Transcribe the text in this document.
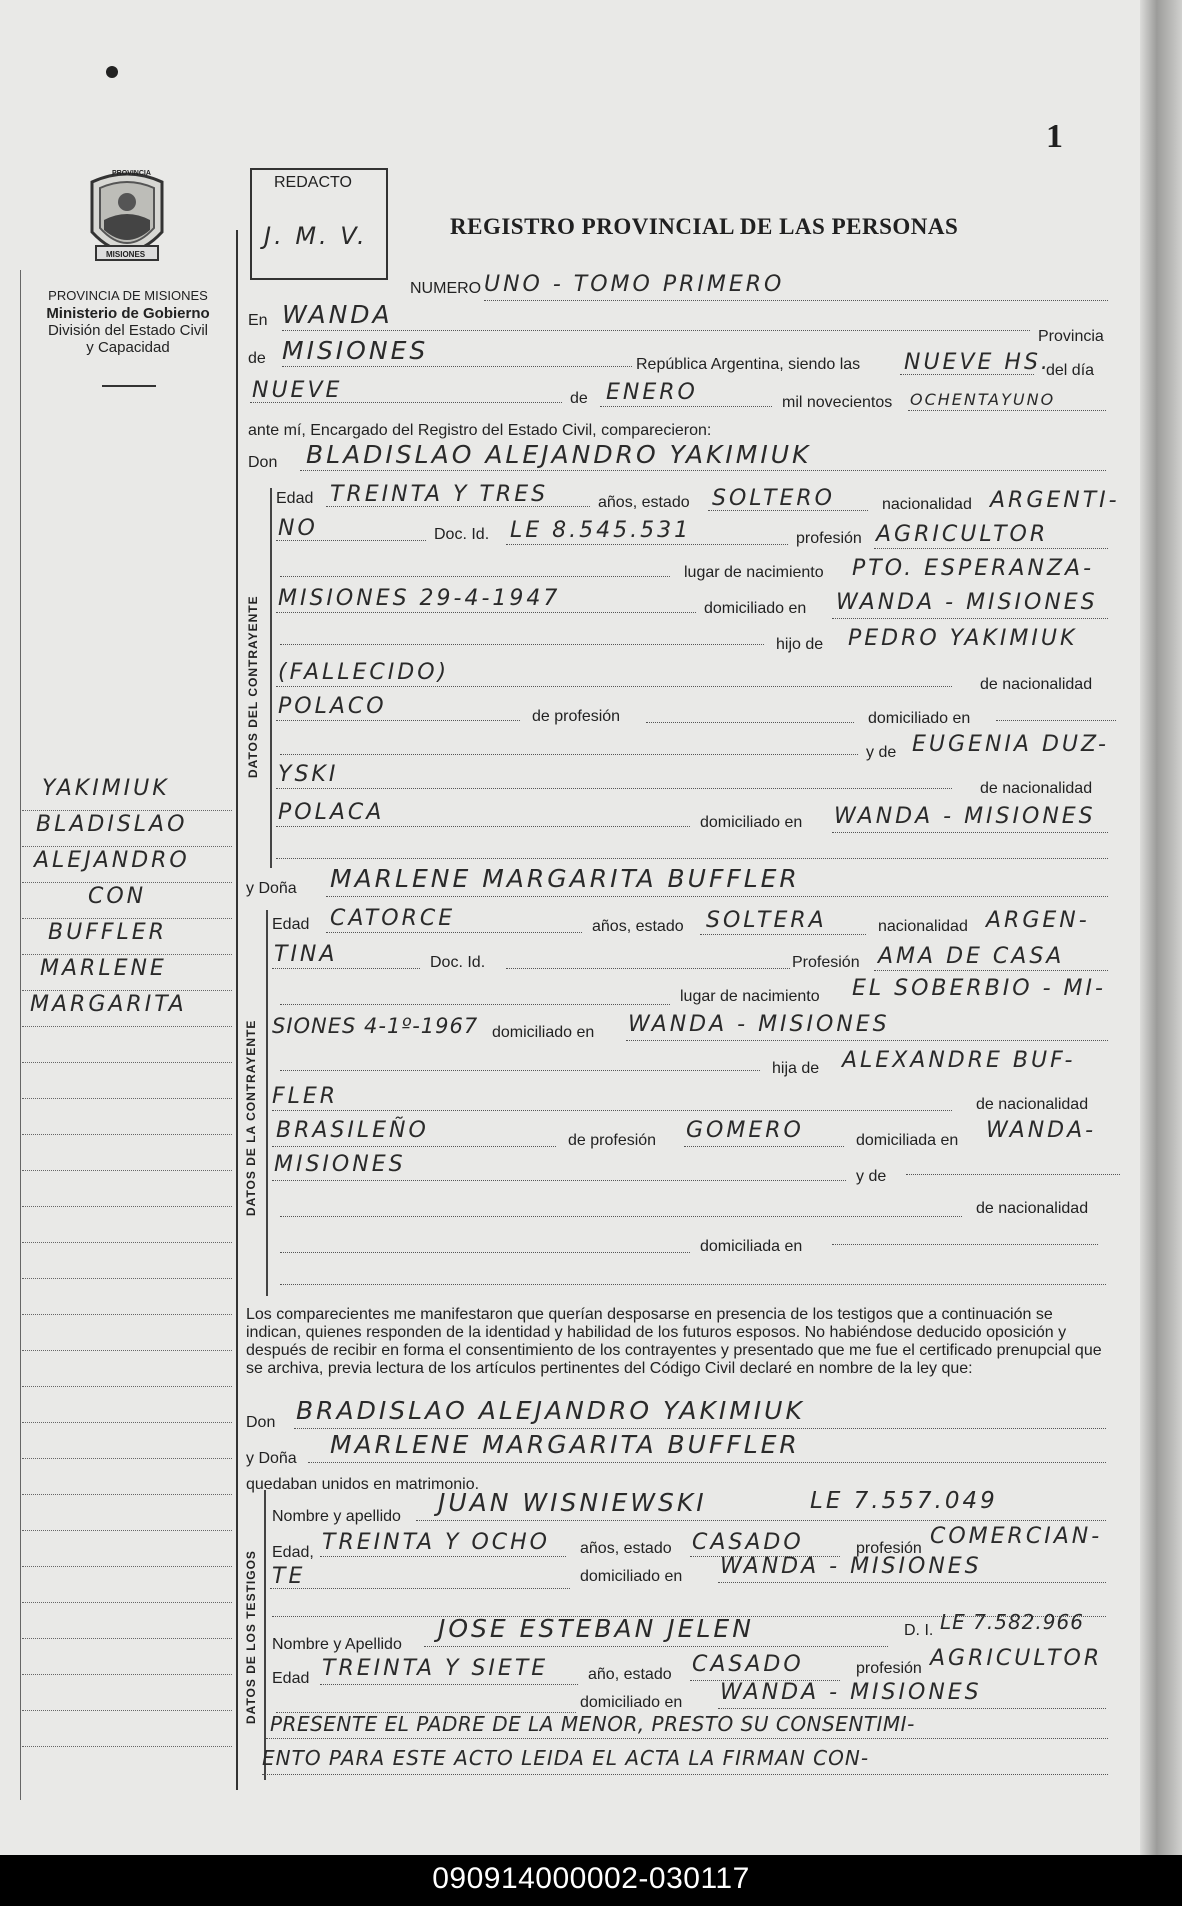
1
PROVINCIA
MISIONES
PROVINCIA DE MISIONES
Ministerio de Gobierno
División del Estado Civil
y Capacidad
YAKIMIUK
BLADISLAO
ALEJANDRO
CON
BUFFLER
MARLENE
MARGARITA
REDACTO
J. M. V.	REGISTRO PROVINCIAL DE LAS PERSONAS
NUMERO UNO - TOMO PRIMERO
En WANDA
Provincia
de MISIONES	República Argentina, siendo las NUEVE HS.
del día
NUEVE	de ENERO	mil novecientos OCHENTAYUNO
ante mí, Encargado del Registro del Estado Civil, comparecieron:
Don BLADISLAO ALEJANDRO YAKIMIUK
DATOS DEL CONTRAYENTE
Edad TREINTA Y TRES	años, estado SOLTERO	nacionalidad ARGENTI-
NO	Doc. Id. LE 8.545.531	profesión AGRICULTOR
lugar de nacimiento PTO. ESPERANZA-
MISIONES 29-4-1947	domiciliado en WANDA - MISIONES
hijo de PEDRO YAKIMIUK
(FALLECIDO)	de nacionalidad
POLACO	de profesión	domiciliado en
y de EUGENIA DUZ-
YSKI
de nacionalidad
POLACA	domiciliado en WANDA - MISIONES
y Doña MARLENE MARGARITA BUFFLER
DATOS DE LA CONTRAYENTE
Edad CATORCE	años, estado SOLTERA	nacionalidad ARGEN-
TINA	Doc. Id.	Profesión AMA DE CASA
lugar de nacimiento EL SOBERBIO - MI-
SIONES 4-1º-1967 domiciliado en WANDA - MISIONES
hija de ALEXANDRE BUF-
FLER	de nacionalidad
BRASILEÑO	de profesión GOMERO	domiciliada en WANDA-
MISIONES	y de
de nacionalidad
domiciliada en
Los comparecientes me manifestaron que querían desposarse en presencia de los testigos que a continuación se indican, quienes responden de la identidad y habilidad de los futuros esposos. No habiéndose deducido oposición y después de recibir en forma el consentimiento de los contrayentes y presentado que me fue el certificado prenupcial que se archiva, previa lectura de los artículos pertinentes del Código Civil declaré en nombre de la ley que:
Don BRADISLAO ALEJANDRO YAKIMIUK
y Doña MARLENE MARGARITA BUFFLER
quedaban unidos en matrimonio.
DATOS DE LOS TESTIGOS
Nombre y apellido JUAN WISNIEWSKI	LE 7.557.049
Edad, TREINTA Y OCHO años, estado CASADO	profesión COMERCIAN-
TE	domiciliado en WANDA - MISIONES
Nombre y Apellido
JOSE ESTEBAN JELEN	D. I. LE 7.582.966
Edad TREINTA Y SIETE año, estado CASADO	profesión AGRICULTOR
domiciliado en WANDA - MISIONES
PRESENTE EL PADRE DE LA MENOR, PRESTO SU CONSENTIMI-
ENTO PARA ESTE ACTO LEIDA EL ACTA LA FIRMAN CON-
090914000002-030117
